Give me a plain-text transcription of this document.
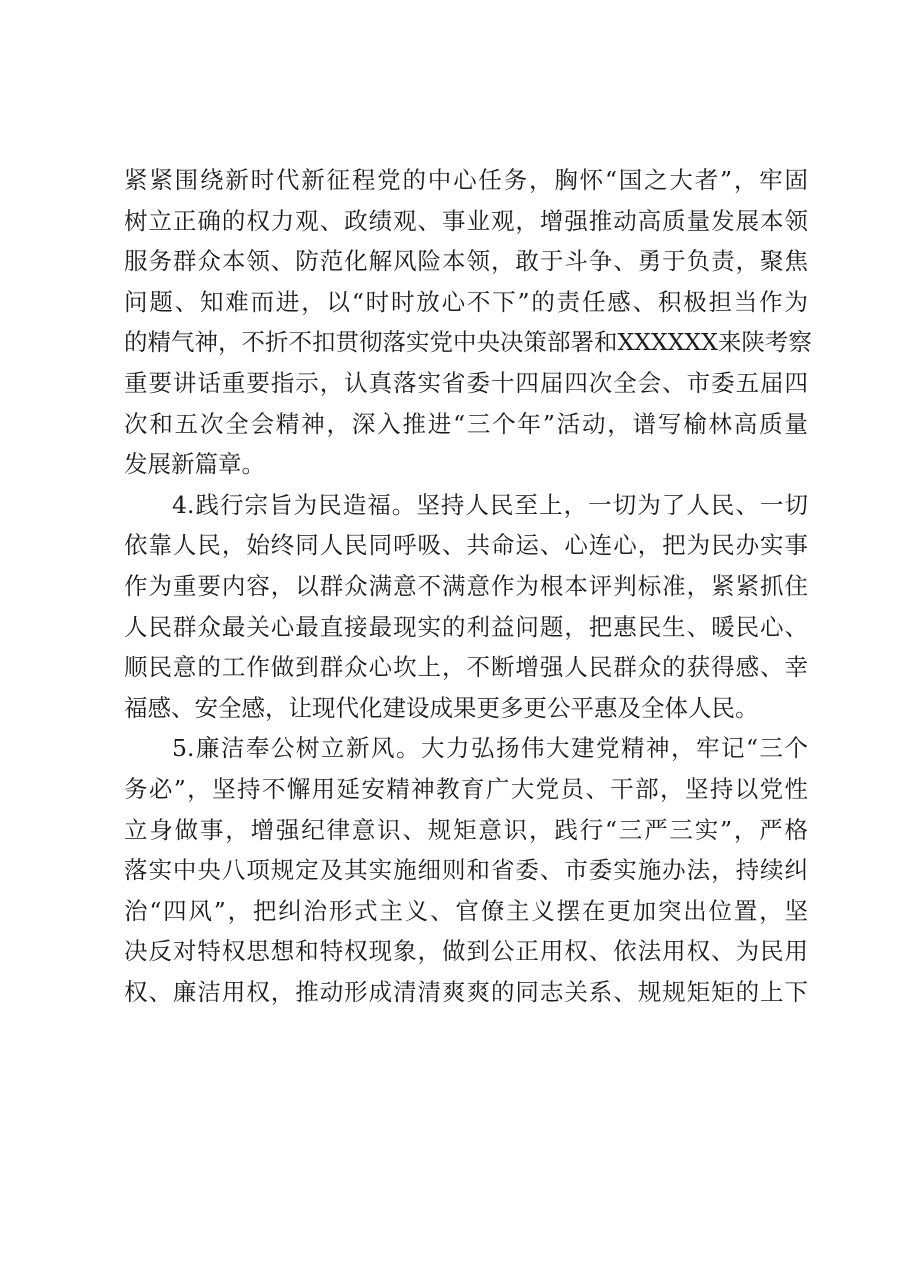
紧紧围绕新时代新征程党的中心任务，胸怀“国之大者”，牢固
树立正确的权力观、政绩观、事业观，增强推动高质量发展本领
服务群众本领、防范化解风险本领，敢于斗争、勇于负责，聚焦
问题、知难而进，以“时时放心不下”的责任感、积极担当作为
的精气神，不折不扣贯彻落实党中央决策部署和XXXXXX来陕考察
重要讲话重要指示，认真落实省委十四届四次全会、市委五届四
次和五次全会精神，深入推进“三个年”活动，谱写榆林高质量
发展新篇章。
4.践行宗旨为民造福。坚持人民至上，一切为了人民、一切
依靠人民，始终同人民同呼吸、共命运、心连心，把为民办实事
作为重要内容，以群众满意不满意作为根本评判标准，紧紧抓住
人民群众最关心最直接最现实的利益问题，把惠民生、暖民心、
顺民意的工作做到群众心坎上，不断增强人民群众的获得感、幸
福感、安全感，让现代化建设成果更多更公平惠及全体人民。
5.廉洁奉公树立新风。大力弘扬伟大建党精神，牢记“三个
务必”，坚持不懈用延安精神教育广大党员、干部，坚持以党性
立身做事，增强纪律意识、规矩意识，践行“三严三实”，严格
落实中央八项规定及其实施细则和省委、市委实施办法，持续纠
治“四风”，把纠治形式主义、官僚主义摆在更加突出位置，坚
决反对特权思想和特权现象，做到公正用权、依法用权、为民用
权、廉洁用权，推动形成清清爽爽的同志关系、规规矩矩的上下
